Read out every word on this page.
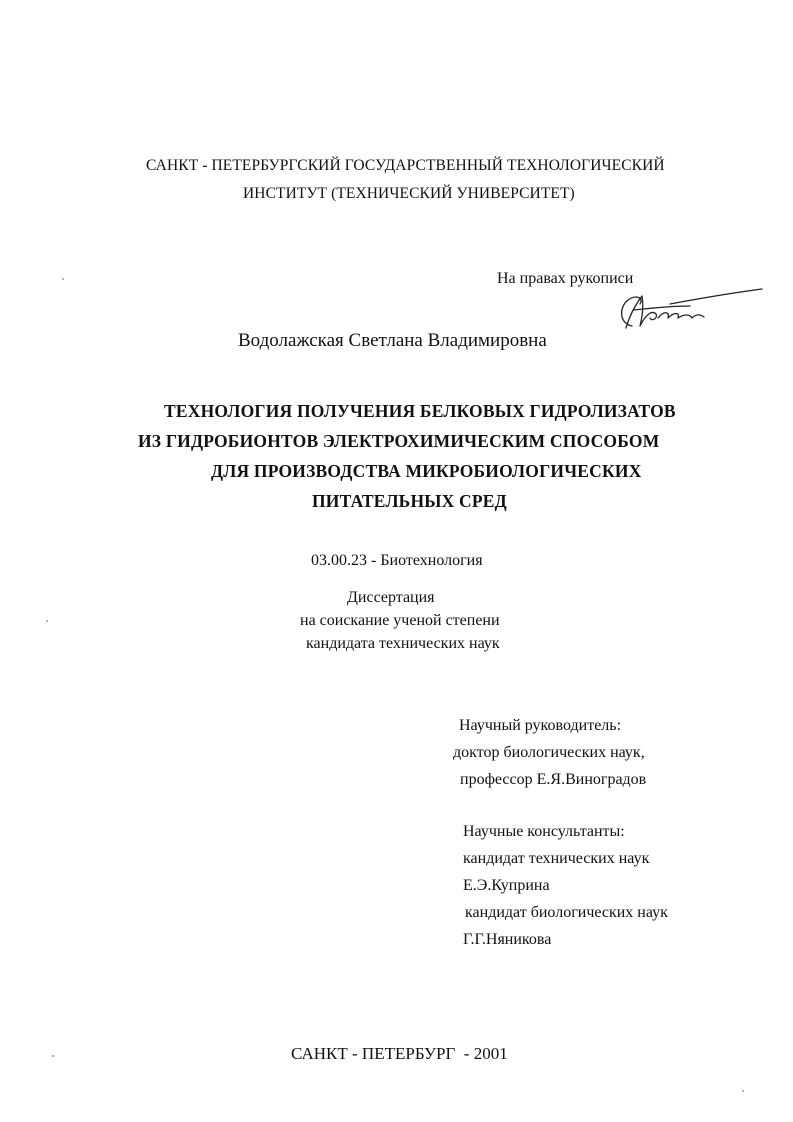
САНКТ - ПЕТЕРБУРГСКИЙ ГОСУДАРСТВЕННЫЙ ТЕХНОЛОГИЧЕСКИЙ

ИНСТИТУТ (ТЕХНИЧЕСКИЙ УНИВЕРСИТЕТ)

На правах рукописи

Водолажская Светлана Владимировна

ТЕХНОЛОГИЯ ПОЛУЧЕНИЯ БЕЛКОВЫХ ГИДРОЛИЗАТОВ

ИЗ ГИДРОБИОНТОВ ЭЛЕКТРОХИМИЧЕСКИМ СПОСОБОМ

ДЛЯ ПРОИЗВОДСТВА МИКРОБИОЛОГИЧЕСКИХ

ПИТАТЕЛЬНЫХ СРЕД

03.00.23 - Биотехнология

Диссертация

на соискание ученой степени

кандидата технических наук

Научный руководитель:

доктор биологических наук,

профессор Е.Я.Виноградов

Научные консультанты:

кандидат технических наук

Е.Э.Куприна

кандидат биологических наук

Г.Г.Няникова

САНКТ - ПЕТЕРБУРГ  - 2001
